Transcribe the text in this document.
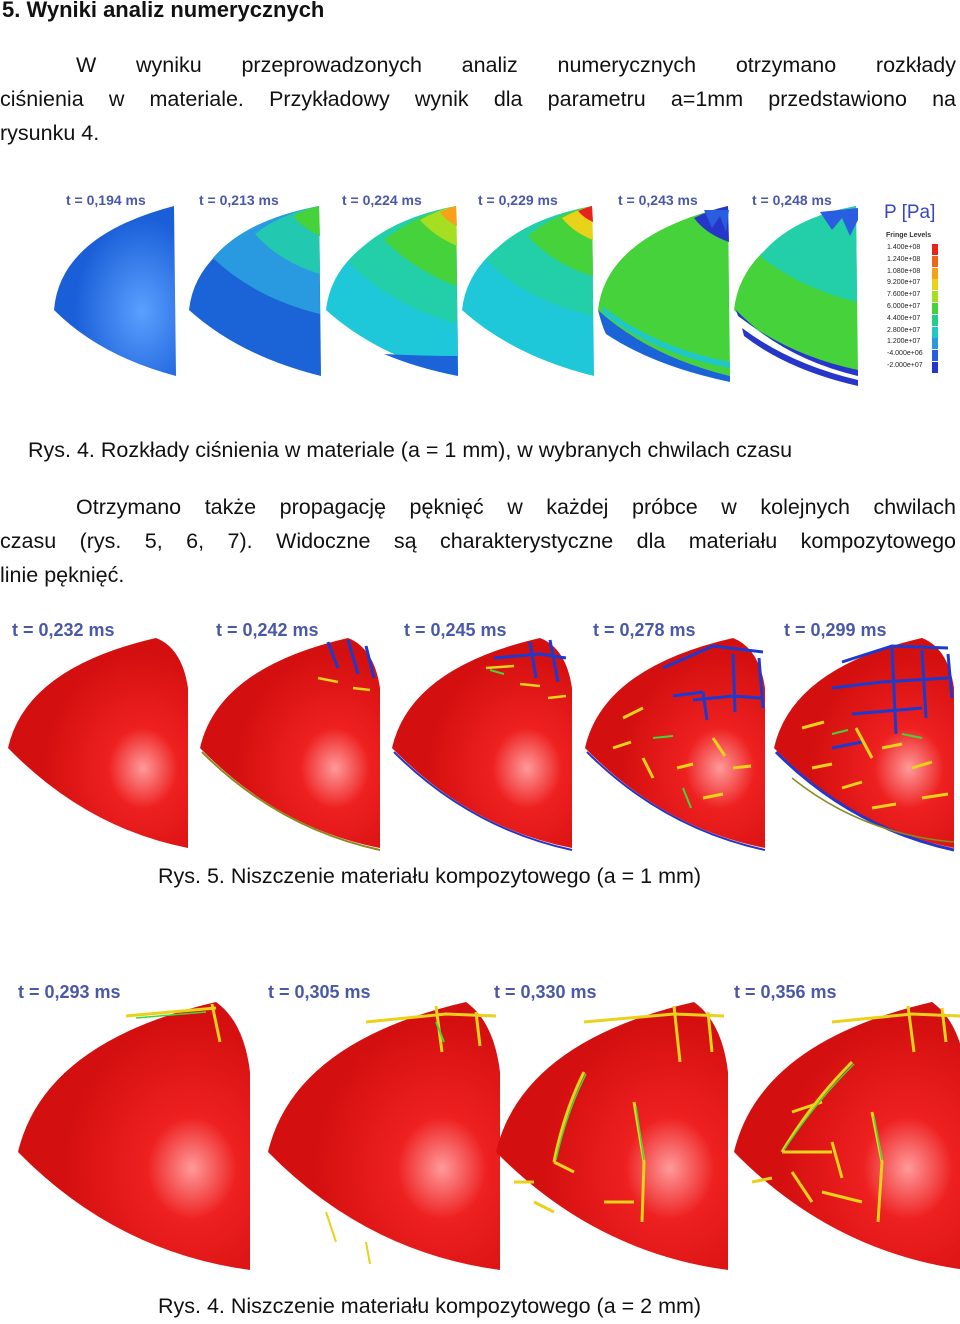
5. Wyniki analiz numerycznych
W wyniku przeprowadzonych analiz numerycznych otrzymano rozkłady
ciśnienia w materiale. Przykładowy wynik dla parametru a=1mm przedstawiono na
rysunku 4.
t = 0,194 ms	t = 0,213 ms	t = 0,224 ms	t = 0,229 ms	t = 0,243 ms	t = 0,248 ms
P [Pa]
Fringe Levels
1.400e+08
1.240e+08
1.080e+08
9.200e+07
7.600e+07
6.000e+07
4.400e+07
2.800e+07
1.200e+07
-4.000e+06
-2.000e+07

Rys. 4. Rozkłady ciśnienia w materiale (a = 1 mm), w wybranych chwilach czasu

Otrzymano także propagację pęknięć w każdej próbce w kolejnych chwilach
czasu (rys. 5, 6, 7). Widoczne są charakterystyczne dla materiału kompozytowego
linie pęknięć.
t = 0,232 ms	t = 0,242 ms	t = 0,245 ms	t = 0,278 ms	t = 0,299 ms

Rys. 5. Niszczenie materiału kompozytowego (a = 1 mm)

t = 0,293 ms	t = 0,305 ms	t = 0,330 ms	t = 0,356 ms

Rys. 4. Niszczenie materiału kompozytowego (a = 2 mm)
